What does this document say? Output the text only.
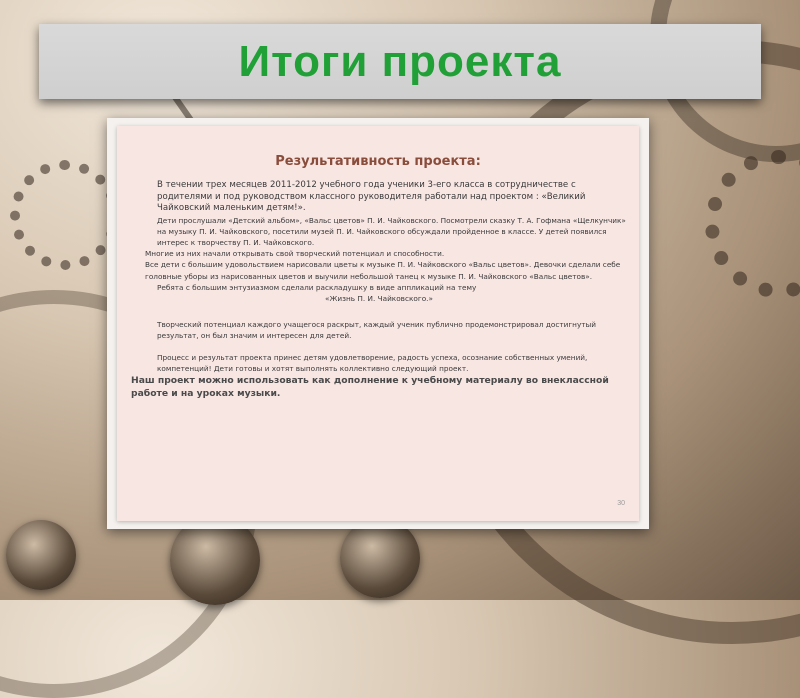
Итоги проекта
Результативность проекта:

В течении трех месяцев 2011-2012 учебного года ученики 3-его класса в сотрудничестве с родителями и под руководством классного руководителя работали над проектом : «Великий Чайковский маленьким детям!».

Дети прослушали «Детский альбом», «Вальс цветов» П. И. Чайковского. Посмотрели сказку Т. А. Гофмана «Щелкунчик» на музыку П. И. Чайковского, посетили музей П. И. Чайковского обсуждали пройденное в классе. У детей появился интерес к творчеству П. И. Чайковского.

Многие из них начали открывать свой творческий потенциал и способности.

Все дети с большим удовольствием нарисовали цветы к музыке П. И. Чайковского «Вальс цветов». Девочки сделали себе головные уборы из нарисованных цветов и выучили небольшой танец к музыке П. И. Чайковского «Вальс цветов».

Ребята с большим энтузиазмом сделали раскладушку в виде аппликаций на тему

«Жизнь П. И. Чайковского.»

Творческий потенциал каждого учащегося раскрыт, каждый ученик публично продемонстрировал достигнутый результат, он был значим и интересен для детей.

Процесс и результат проекта принес детям удовлетворение, радость успеха, осознание собственных умений, компетенций! Дети готовы и хотят выполнять коллективно следующий проект.

Наш проект можно использовать как дополнение к учебному материалу во внеклассной работе и на уроках музыки.

30
